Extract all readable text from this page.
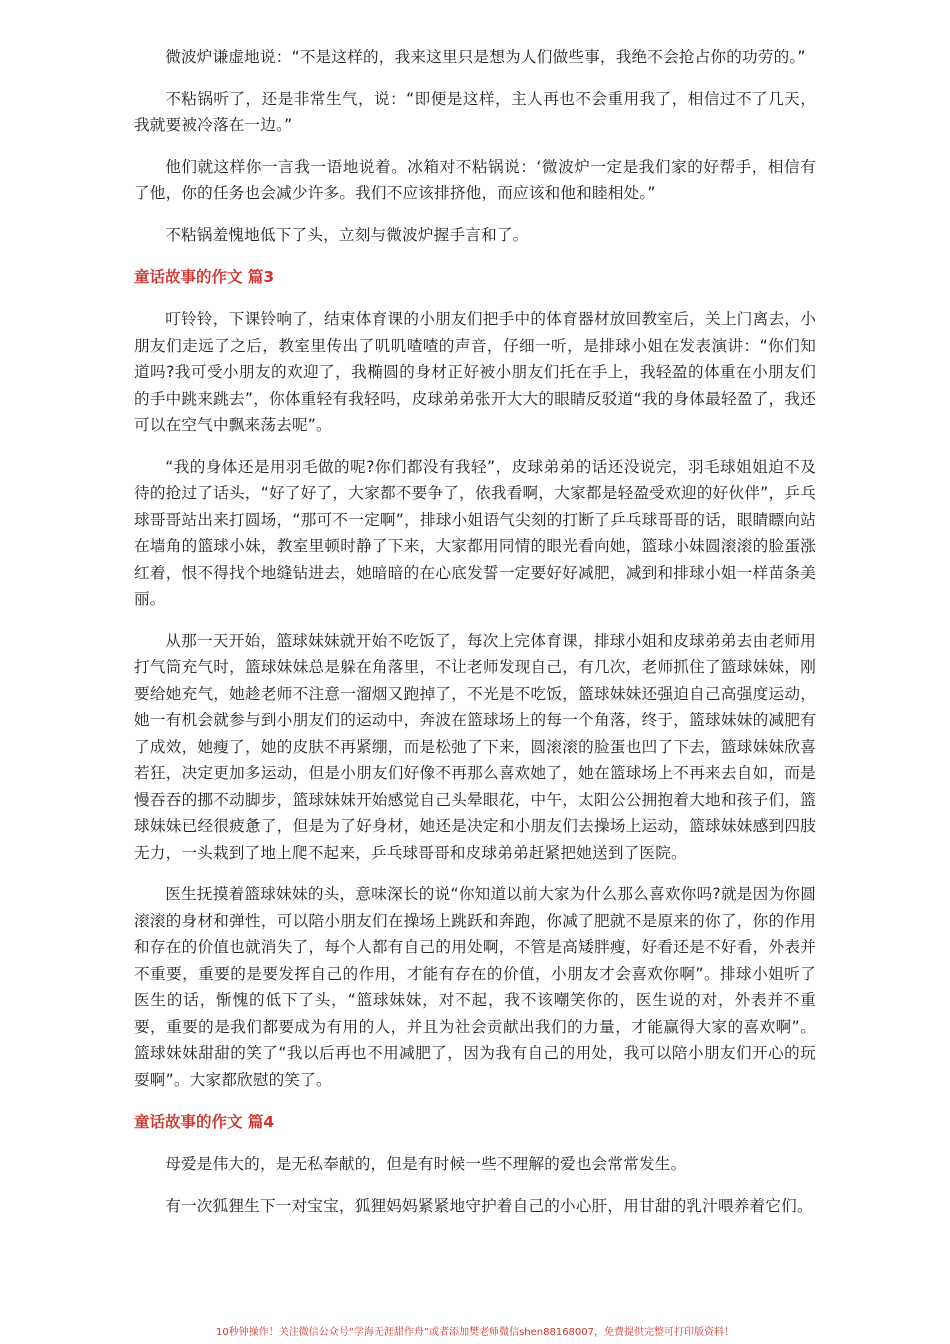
微波炉谦虚地说：“不是这样的，我来这里只是想为人们做些事，我绝不会抢占你的功劳的。”

不粘锅听了，还是非常生气，说：“即便是这样，主人再也不会重用我了，相信过不了几天，我就要被冷落在一边。”

他们就这样你一言我一语地说着。冰箱对不粘锅说：‘微波炉一定是我们家的好帮手，相信有了他，你的任务也会减少许多。我们不应该排挤他，而应该和他和睦相处。”

不粘锅羞愧地低下了头，立刻与微波炉握手言和了。

童话故事的作文 篇3

叮铃铃，下课铃响了，结束体育课的小朋友们把手中的体育器材放回教室后，关上门离去，小朋友们走远了之后，教室里传出了叽叽喳喳的声音，仔细一听，是排球小姐在发表演讲：“你们知道吗?我可受小朋友的欢迎了，我椭圆的身材正好被小朋友们托在手上，我轻盈的体重在小朋友们的手中跳来跳去”，你体重轻有我轻吗，皮球弟弟张开大大的眼睛反驳道“我的身体最轻盈了，我还可以在空气中飘来荡去呢”。

“我的身体还是用羽毛做的呢?你们都没有我轻”，皮球弟弟的话还没说完，羽毛球姐姐迫不及待的抢过了话头，“好了好了，大家都不要争了，依我看啊，大家都是轻盈受欢迎的好伙伴”，乒乓球哥哥站出来打圆场，“那可不一定啊”，排球小姐语气尖刻的打断了乒乓球哥哥的话，眼睛瞟向站在墙角的篮球小妹，教室里顿时静了下来，大家都用同情的眼光看向她，篮球小妹圆滚滚的脸蛋涨红着，恨不得找个地缝钻进去，她暗暗的在心底发誓一定要好好减肥，减到和排球小姐一样苗条美丽。

从那一天开始，篮球妹妹就开始不吃饭了，每次上完体育课，排球小姐和皮球弟弟去由老师用打气筒充气时，篮球妹妹总是躲在角落里，不让老师发现自己，有几次，老师抓住了篮球妹妹，刚要给她充气，她趁老师不注意一溜烟又跑掉了，不光是不吃饭，篮球妹妹还强迫自己高强度运动，她一有机会就参与到小朋友们的运动中，奔波在篮球场上的每一个角落，终于，篮球妹妹的减肥有了成效，她瘦了，她的皮肤不再紧绷，而是松弛了下来，圆滚滚的脸蛋也凹了下去，篮球妹妹欣喜若狂，决定更加多运动，但是小朋友们好像不再那么喜欢她了，她在篮球场上不再来去自如，而是慢吞吞的挪不动脚步，篮球妹妹开始感觉自己头晕眼花，中午，太阳公公拥抱着大地和孩子们，篮球妹妹已经很疲惫了，但是为了好身材，她还是决定和小朋友们去操场上运动，篮球妹妹感到四肢无力，一头栽到了地上爬不起来，乒乓球哥哥和皮球弟弟赶紧把她送到了医院。

医生抚摸着篮球妹妹的头，意味深长的说“你知道以前大家为什么那么喜欢你吗?就是因为你圆滚滚的身材和弹性，可以陪小朋友们在操场上跳跃和奔跑，你减了肥就不是原来的你了，你的作用和存在的价值也就消失了，每个人都有自己的用处啊，不管是高矮胖瘦，好看还是不好看，外表并不重要，重要的是要发挥自己的作用，才能有存在的价值，小朋友才会喜欢你啊”。排球小姐听了医生的话，惭愧的低下了头，“篮球妹妹，对不起，我不该嘲笑你的，医生说的对，外表并不重要，重要的是我们都要成为有用的人，并且为社会贡献出我们的力量，才能赢得大家的喜欢啊”。篮球妹妹甜甜的笑了“我以后再也不用减肥了，因为我有自己的用处，我可以陪小朋友们开心的玩耍啊”。大家都欣慰的笑了。

童话故事的作文 篇4

母爱是伟大的，是无私奉献的，但是有时候一些不理解的爱也会常常发生。

有一次狐狸生下一对宝宝，狐狸妈妈紧紧地守护着自己的小心肝，用甘甜的乳汁喂养着它们。

10秒钟操作！关注微信公众号“学海无涯甜作舟”或者添加樊老师微信shen88168007，免费提供完整可打印版资料！
